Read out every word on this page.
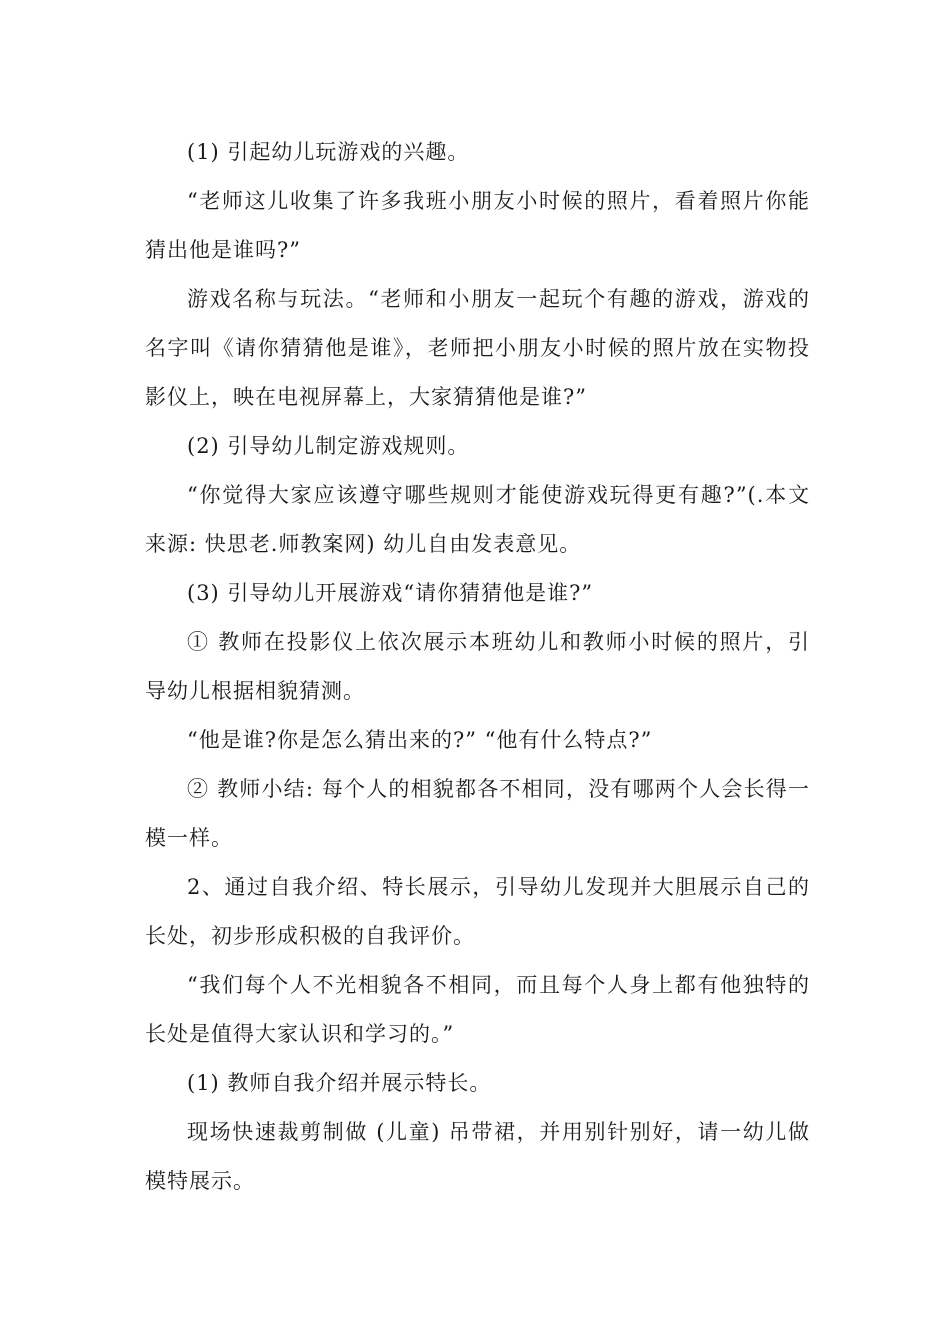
(1) 引起幼儿玩游戏的兴趣。

“老师这儿收集了许多我班小朋友小时候的照片，看着照片你能猜出他是谁吗?”

游戏名称与玩法。“老师和小朋友一起玩个有趣的游戏，游戏的名字叫《请你猜猜他是谁》，老师把小朋友小时候的照片放在实物投影仪上，映在电视屏幕上，大家猜猜他是谁?”

(2) 引导幼儿制定游戏规则。

“你觉得大家应该遵守哪些规则才能使游戏玩得更有趣?”(.本文来源: 快思老.师教案网) 幼儿自由发表意见。

(3) 引导幼儿开展游戏“请你猜猜他是谁?”

① 教师在投影仪上依次展示本班幼儿和教师小时候的照片，引导幼儿根据相貌猜测。

“他是谁?你是怎么猜出来的?” “他有什么特点?”

② 教师小结: 每个人的相貌都各不相同，没有哪两个人会长得一模一样。

2、通过自我介绍、特长展示，引导幼儿发现并大胆展示自己的长处，初步形成积极的自我评价。

“我们每个人不光相貌各不相同，而且每个人身上都有他独特的长处是值得大家认识和学习的。”

(1) 教师自我介绍并展示特长。

现场快速裁剪制做 (儿童) 吊带裙，并用别针别好，请一幼儿做模特展示。
